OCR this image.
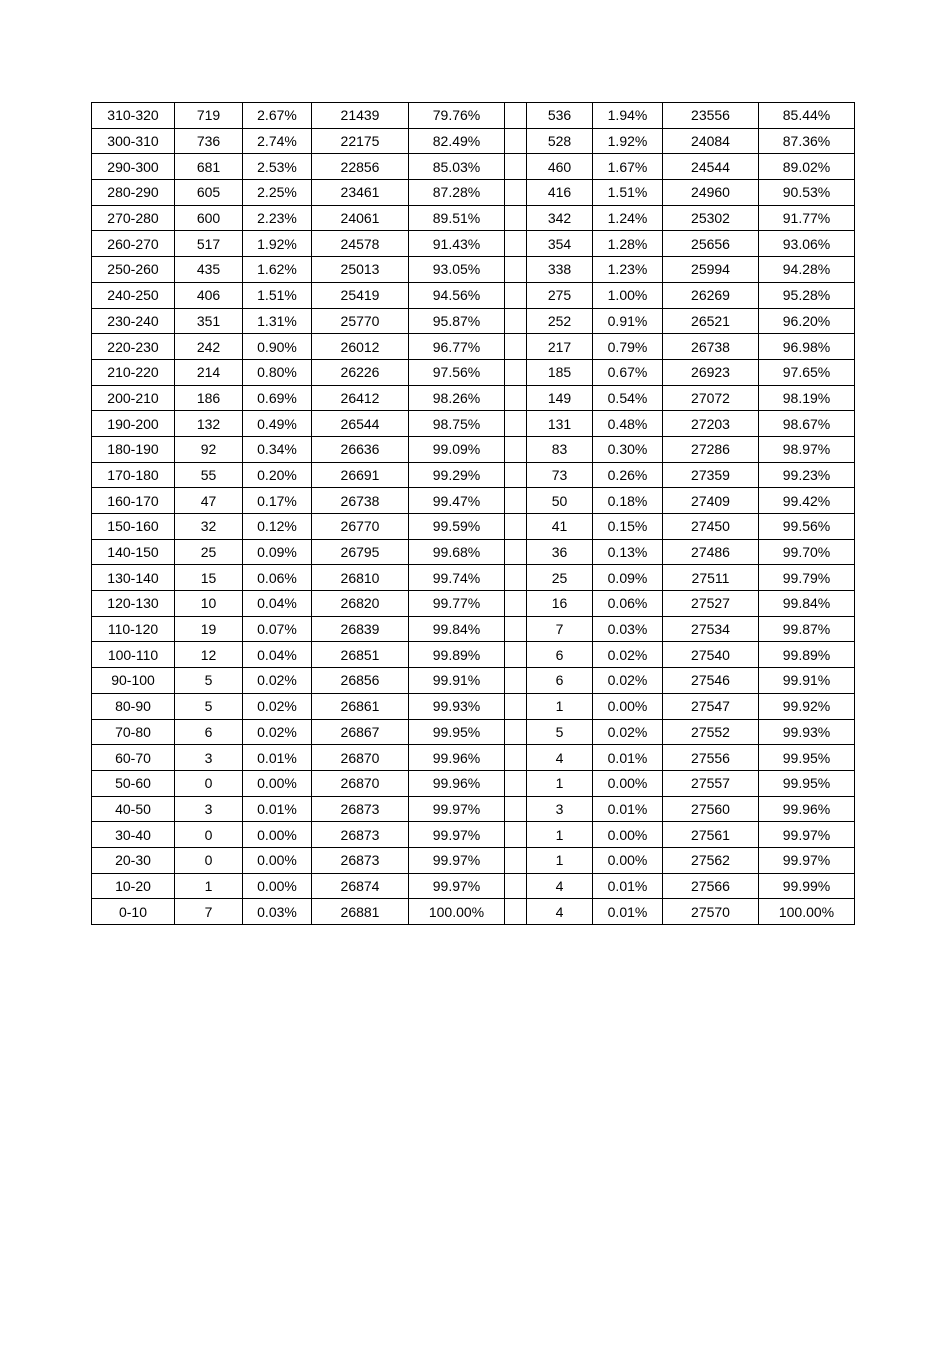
310-320	719	2.67%	21439	79.76%		536	1.94%	23556	85.44%
300-310	736	2.74%	22175	82.49%		528	1.92%	24084	87.36%
290-300	681	2.53%	22856	85.03%		460	1.67%	24544	89.02%
280-290	605	2.25%	23461	87.28%		416	1.51%	24960	90.53%
270-280	600	2.23%	24061	89.51%		342	1.24%	25302	91.77%
260-270	517	1.92%	24578	91.43%		354	1.28%	25656	93.06%
250-260	435	1.62%	25013	93.05%		338	1.23%	25994	94.28%
240-250	406	1.51%	25419	94.56%		275	1.00%	26269	95.28%
230-240	351	1.31%	25770	95.87%		252	0.91%	26521	96.20%
220-230	242	0.90%	26012	96.77%		217	0.79%	26738	96.98%
210-220	214	0.80%	26226	97.56%		185	0.67%	26923	97.65%
200-210	186	0.69%	26412	98.26%		149	0.54%	27072	98.19%
190-200	132	0.49%	26544	98.75%		131	0.48%	27203	98.67%
180-190	92	0.34%	26636	99.09%		83	0.30%	27286	98.97%
170-180	55	0.20%	26691	99.29%		73	0.26%	27359	99.23%
160-170	47	0.17%	26738	99.47%		50	0.18%	27409	99.42%
150-160	32	0.12%	26770	99.59%		41	0.15%	27450	99.56%
140-150	25	0.09%	26795	99.68%		36	0.13%	27486	99.70%
130-140	15	0.06%	26810	99.74%		25	0.09%	27511	99.79%
120-130	10	0.04%	26820	99.77%		16	0.06%	27527	99.84%
110-120	19	0.07%	26839	99.84%		7	0.03%	27534	99.87%
100-110	12	0.04%	26851	99.89%		6	0.02%	27540	99.89%
90-100	5	0.02%	26856	99.91%		6	0.02%	27546	99.91%
80-90	5	0.02%	26861	99.93%		1	0.00%	27547	99.92%
70-80	6	0.02%	26867	99.95%		5	0.02%	27552	99.93%
60-70	3	0.01%	26870	99.96%		4	0.01%	27556	99.95%
50-60	0	0.00%	26870	99.96%		1	0.00%	27557	99.95%
40-50	3	0.01%	26873	99.97%		3	0.01%	27560	99.96%
30-40	0	0.00%	26873	99.97%		1	0.00%	27561	99.97%
20-30	0	0.00%	26873	99.97%		1	0.00%	27562	99.97%
10-20	1	0.00%	26874	99.97%		4	0.01%	27566	99.99%
0-10	7	0.03%	26881	100.00%		4	0.01%	27570	100.00%
